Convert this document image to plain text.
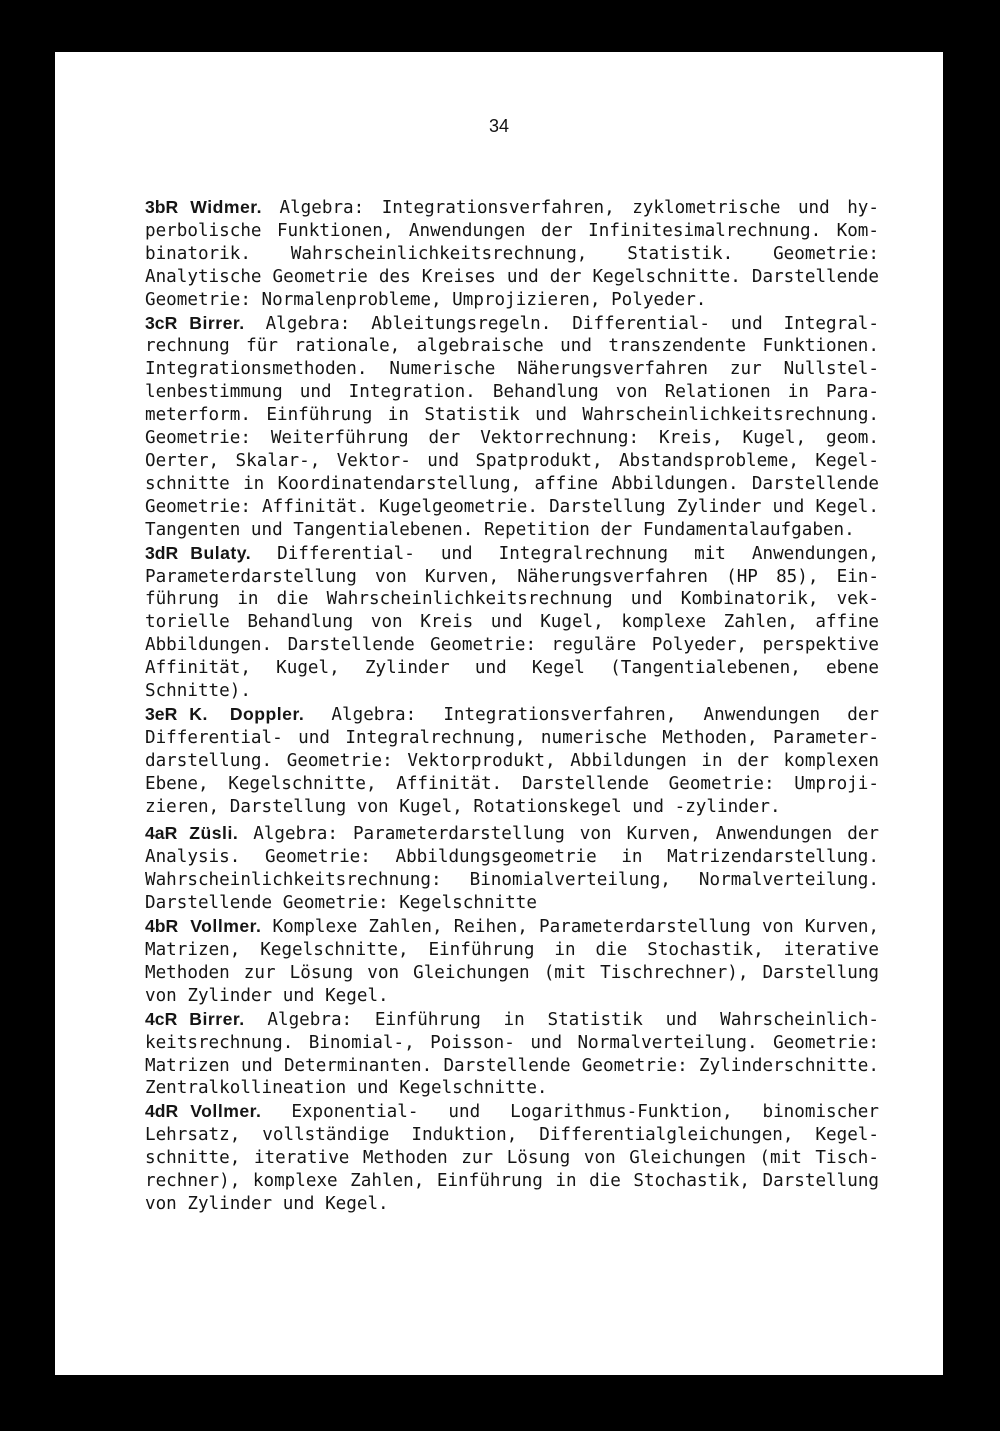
34

3bR Widmer. Algebra: Integrationsverfahren, zyklometrische und hyperbolische Funktionen, Anwendungen der Infinitesimalrechnung. Kombinatorik. Wahrscheinlichkeitsrechnung, Statistik. Geometrie: Analytische Geometrie des Kreises und der Kegelschnitte. Darstellende Geometrie: Normalenprobleme, Umprojizieren, Polyeder.

3cR Birrer. Algebra: Ableitungsregeln. Differential- und Integralrechnung für rationale, algebraische und transzendente Funktionen. Integrationsmethoden. Numerische Näherungsverfahren zur Nullstellenbestimmung und Integration. Behandlung von Relationen in Parameterform. Einführung in Statistik und Wahrscheinlichkeitsrechnung. Geometrie: Weiterführung der Vektorrechnung: Kreis, Kugel, geom. Oerter, Skalar-, Vektor- und Spatprodukt, Abstandsprobleme, Kegelschnitte in Koordinatendarstellung, affine Abbildungen. Darstellende Geometrie: Affinität. Kugelgeometrie. Darstellung Zylinder und Kegel. Tangenten und Tangentialebenen. Repetition der Fundamentalaufgaben.

3dR Bulaty. Differential- und Integralrechnung mit Anwendungen, Parameterdarstellung von Kurven, Näherungsverfahren (HP 85), Einführung in die Wahrscheinlichkeitsrechnung und Kombinatorik, vektorielle Behandlung von Kreis und Kugel, komplexe Zahlen, affine Abbildungen. Darstellende Geometrie: reguläre Polyeder, perspektive Affinität, Kugel, Zylinder und Kegel (Tangentialebenen, ebene Schnitte).

3eR K. Doppler. Algebra: Integrationsverfahren, Anwendungen der Differential- und Integralrechnung, numerische Methoden, Parameterdarstellung. Geometrie: Vektorprodukt, Abbildungen in der komplexen Ebene, Kegelschnitte, Affinität. Darstellende Geometrie: Umprojizieren, Darstellung von Kugel, Rotationskegel und -zylinder.

4aR Züsli. Algebra: Parameterdarstellung von Kurven, Anwendungen der Analysis. Geometrie: Abbildungsgeometrie in Matrizendarstellung. Wahrscheinlichkeitsrechnung: Binomialverteilung, Normalverteilung. Darstellende Geometrie: Kegelschnitte

4bR Vollmer. Komplexe Zahlen, Reihen, Parameterdarstellung von Kurven, Matrizen, Kegelschnitte, Einführung in die Stochastik, iterative Methoden zur Lösung von Gleichungen (mit Tischrechner), Darstellung von Zylinder und Kegel.

4cR Birrer. Algebra: Einführung in Statistik und Wahrscheinlichkeitsrechnung. Binomial-, Poisson- und Normalverteilung. Geometrie: Matrizen und Determinanten. Darstellende Geometrie: Zylinderschnitte. Zentralkollineation und Kegelschnitte.

4dR Vollmer. Exponential- und Logarithmus-Funktion, binomischer Lehrsatz, vollständige Induktion, Differentialgleichungen, Kegelschnitte, iterative Methoden zur Lösung von Gleichungen (mit Tischrechner), komplexe Zahlen, Einführung in die Stochastik, Darstellung von Zylinder und Kegel.
